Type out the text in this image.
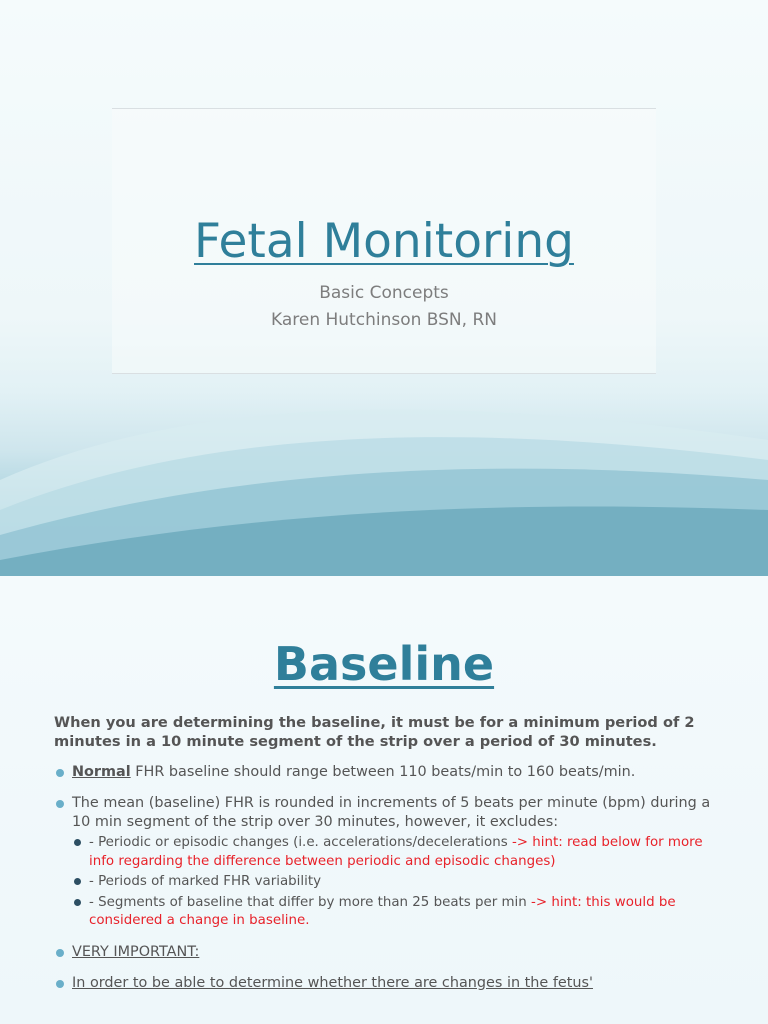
Fetal Monitoring
Basic Concepts
Karen Hutchinson BSN, RN
Baseline

When you are determining the baseline, it must be for a minimum period of 2 minutes in a 10 minute segment of the strip over a period of 30 minutes.

Normal FHR baseline should range between 110 beats/min to 160 beats/min.
The mean (baseline) FHR is rounded in increments of 5 beats per minute (bpm) during a 10 min segment of the strip over 30 minutes, however, it excludes:
- Periodic or episodic changes (i.e. accelerations/decelerations -> hint: read below for more info regarding the difference between periodic and episodic changes)
- Periods of marked FHR variability
- Segments of baseline that differ by more than 25 beats per min -> hint: this would be considered a change in baseline.
VERY IMPORTANT:
In order to be able to determine whether there are changes in the fetus'
